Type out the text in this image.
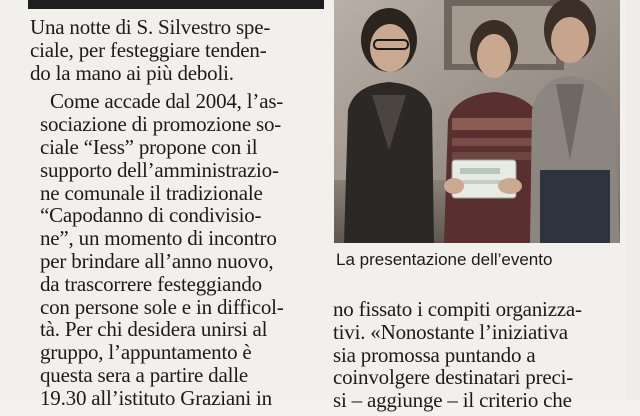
Una notte di S. Silvestro spe-
ciale, per festeggiare tenden-
do la mano ai più deboli.

Come accade dal 2004, l’as-
sociazione di promozione so-
ciale “Iess” propone con il
supporto dell’amministrazio-
ne comunale il tradizionale
“Capodanno di condivisio-
ne”, un momento di incontro
per brindare all’anno nuovo,
da trascorrere festeggiando
con persone sole e in difficol-
tà. Per chi desidera unirsi al
gruppo, l’appuntamento è
questa sera a partire dalle
19.30 all’istituto Graziani in

La presentazione dell’evento
no fissato i compiti organizza-
tivi. «Nonostante l’iniziativa
sia promossa puntando a
coinvolgere destinatari preci-
si – aggiunge – il criterio che
